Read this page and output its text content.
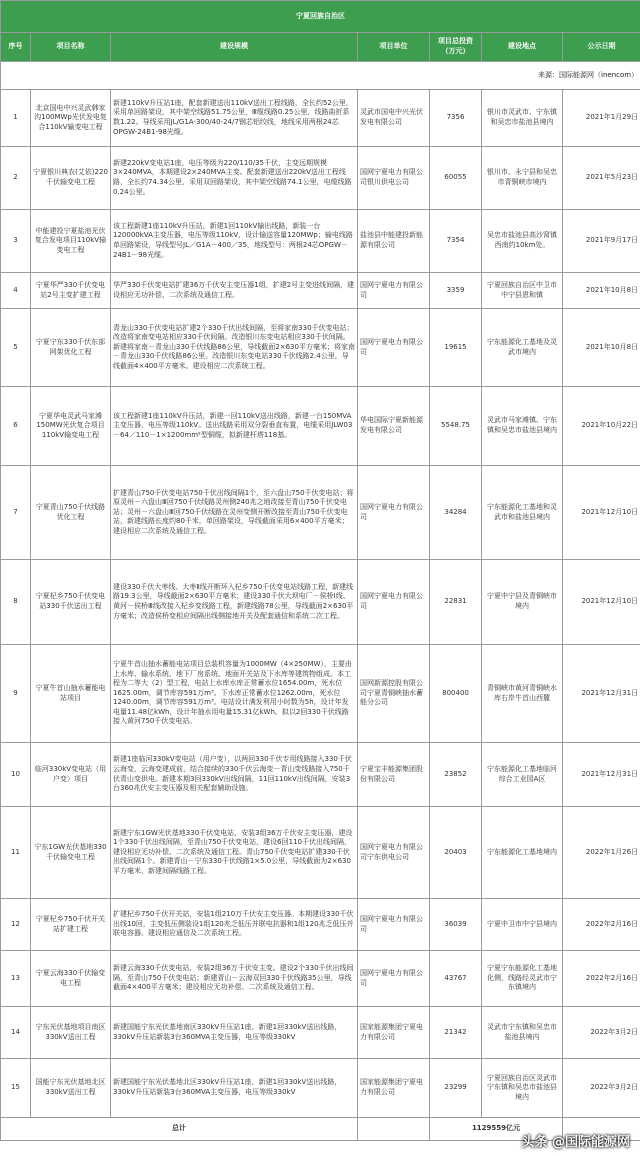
宁夏回族自治区						
序号	项目名称	建设规模	项目单位	项目总投资（万元）	建设地点	公示日期
来源：国际能源网（inencom）						
1	北京国电中兴灵武韩家沟100MWp光伏发电复合110kV输变电工程	新建110kV升压站1座，配套新建送出110kV送出工程线路，全长约52公里，采用单回路架设，其中架空线路51.75公里，Ⅲ缆线路0.25公里，线路曲折系数1.22。导线采用JL/G1A-300/40-24/7钢芯铝绞线，地线采用两根24芯OPGW-24B1-98光缆。	灵武市国电中兴光伏发电有限公司	7356	银川市灵武市、宁东镇和吴忠市盐池县境内	2021年1月29日
2	宁夏银川典农(艾依)220千伏输变电工程	新建220kV变电站1座，电压等级为220/110/35千伏，主变远期规模3×240MVA，本期建设2×240MVA主变。配套新建送出220kV送出工程线路，全长约74.34公里，采用双回路架设，其中架空线路74.1公里，电缆线路0.24公里。	国网宁夏电力有限公司银川供电公司	60055	银川市、永宁县和吴忠市青铜峡市境内	2021年5月23日
3	中能建投宁夏盐池光伏复合发电项目110kV输变电工程	该工程新建1座110kV升压站，新建1回110kV输出线路，新装一台120000kVA主变压器，电压等级110kV，设计输送容量120MWp；输电线路单回路架设，导线型号JL／G1A－400／35，地线型号：两根24芯OPGW－24B1－98光缆。	盐池县中能建投新能源有限公司	7354	吴忠市盐池县高沙窝镇西南约10km处。	2021年9月17日
4	宁夏华严330千伏变电站2号主变扩建工程	华严330千伏变电站扩建36万千伏安主变压器1组，扩建2号主变进线间隔，建设相应无功补偿、二次系统及通信工程。	国网宁夏电力有限公司	3359	宁夏回族自治区中卫市中宁县恩和镇	2021年10月8日
5	宁夏宁东330千伏东部网架优化工程	青龙山330千伏变电站扩建2个330千伏出线间隔，至将家南330千伏变电站；改造将家南变电站相应330千伏间隔。改造银川东变电站相应330千伏间隔。新建将家南－青龙山330千伏线路86公里，导线截面2×630平方毫米；将家南－青龙山330千伏线路86公里。改造银川东变电站330千伏线路2.4公里，导线截面4×400平方毫米。建设相应二次系统工程。	国网宁夏电力有限公司	19615	宁东能源化工基地及灵武市境内	2021年10月8日
6	宁夏华电灵武马家滩150MW光伏复合项目110kV输变电工程	该工程新建1座110kV升压站，新建一回110kV送出线路，新建一台150MVA主变压器，电压等级110kV。送出线路采用双分裂垂直布置，电缆采用JLW03－64／110－1×1200mm²型铜缆，拟新建杆塔118基。	华电国际宁夏新能源发电有限公司	5548.75	灵武市马家滩镇、宁东镇和吴忠市盐池县境内	2021年10月22日
7	宁夏青山750千伏线路优化工程	扩建青山750千伏变电站750千伏出线间隔1个，至六盘山750千伏变电站；将原灵州－六盘山Ⅲ回750千伏线路灵州侧240兆之地改接至青山750千伏变电站；灵州－六盘山Ⅲ回750千伏线路在灵州变侧开断改接至青山750千伏变电站，新建线路长度约80千米，单回路架设，导线截面采用6×400平方毫米；建设相应二次系统及通信工程。	国网宁夏电力有限公司	34284	宁东能源化工基地和灵武市和盐池县境内	2021年12月10日
8	宁夏杞乡750千伏变电站330千伏送出工程	建设330千伏大枣线、大枣Ⅱ线开断环入杞乡750千伏变电站线路工程，新建线路19.3公里，导线截面2×630平方毫米；建设330千伏大坝电厂－侯桥Ⅰ线、黄河－侯桥Ⅲ线改接入杞乡变线路工程，新建线路78公里，导线截面2×630平方毫米；改造侯桥变相应间隔出线侧接地开关及配套通信和系统二次工程。	国网宁夏电力有限公司	22831	宁夏中宁县及青铜峡市境内	2021年12月10日
9	宁夏牛首山抽水蓄能电站项目	宁夏牛首山抽水蓄能电站项目总装机容量为1000MW（4×250MW），主要由上水库、输水系统、地下厂房系统、地面开关站及下水库等建筑物组成。本工程为二等大（2）型工程，电站上水库水库正常蓄水位1654.00m，死水位1625.00m，调节库容591万m³。下水库正常蓄水位1262.00m，死水位1240.00m，调节库容591万m³。电站设计满发利用小时数为5h，设计年发电量11.48亿kWh，设计年抽水用电量15.31亿kWh。拟以2回330千伏线路接入黄河750千伏变电站。	国网新源控股有限公司宁夏青铜峡抽水蓄能分公司	800400	青铜峡市黄河青铜峡水库右岸牛首山西麓	2021年12月31日
10	临河330kV变电站（用户变）项目	新建1座临河330kV变电站（用户变），以两回330千伏专用线路接入330千伏云海变，云海变建成前，结合接续的330千伏云海变－青山变线路接入750千伏青山变供电。新建本期3回330kV出线间隔，11回110kV出线间隔，安装3台360兆伏安主变压器及相关配套辅助设施。	宁夏宝丰能源集团股份有限公司	23852	宁东能源化工基地临河综合工业园A区	2021年12月31日
11	宁东1GW光伏基地330千伏输变电工程	新建宁东1GW光伏基地330千伏变电站，安装3组36万千伏安主变压器，建设1个330千伏出线间隔，至青山750千伏变电站，建设6回110千伏出线间隔，建设相应无功补偿、二次系统及通信工程。青山750千伏变电站扩建330千伏出线间隔1个。新建青山－宁东330千伏线路1×5.0公里，导线截面为2×630平方毫米，新建间隔线路工程。	国网宁夏电力有限公司宁东供电公司	20403	宁东能源化工基地境内	2022年1月26日
12	宁夏杞乡750千伏开关站扩建工程	扩建杞乡750千伏开关站，安装1组210万千伏安主变压器。本期建设330千伏出线10回，主变低压侧装设1组120兆乏低压并联电抗器和1组120兆乏低压并联电容器。建设相应通信及二次系统工程。	国网宁夏电力有限公司	36039	宁夏中卫市中宁县境内	2022年2月16日
13	宁夏云海330千伏输变电工程	新建云海330千伏变电站，安装2组36万千伏安主变。建设2个330千伏出线间隔，至青山750千伏变电站；新建青山－云海双回330千伏线路35公里，导线截面4×400平方毫米；建设相应无功补偿、二次系统及通信工程。	国网宁夏电力有限公司	43767	宁夏宁东能源化工基地化侧，线路经灵武市宁东镇境内	2022年2月16日
14	宁东光伏基地项目南区330kV送出工程	新建国能宁东光伏基地南区330kV升压站1座，新建1回330kV送出线路，330kV升压站新装3台360MVA主变压器，电压等级330kV	国家能源集团宁夏电力有限公司	21342	灵武市宁东镇和吴忠市盐池县境内	2022年3月2日
15	国能宁东光伏基地北区330kV送出工程	新建国能宁东光伏基地北区330kV升压站1座，新建1回330kV送出线路，330kV升压站新装3台360MVA主变压器，电压等级330kV	国家能源集团宁夏电力有限公司	23299	宁夏回族自治区灵武市宁东镇和吴忠市盐池县境内	2022年3月2日
总计				1129559亿元		
头条 @国际能源网
